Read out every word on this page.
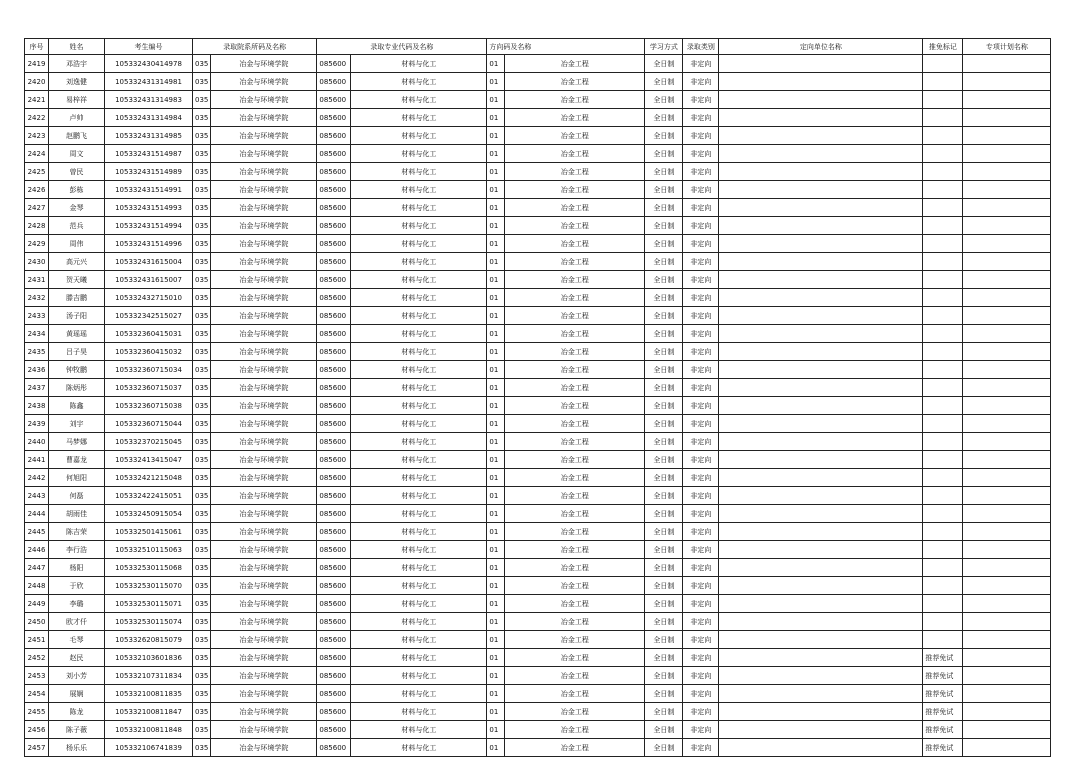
序号	姓名	考生编号	录取院系所码及名称		录取专业代码及名称		方向码及名称		学习方式	录取类别	定向单位名称	推免标记	专项计划名称
2419	邓浩宇	105332430414978	035	冶金与环境学院	085600	材料与化工	01	冶金工程	全日制	非定向			
2420	刘逸健	105332431314981	035	冶金与环境学院	085600	材料与化工	01	冶金工程	全日制	非定向			
2421	易梓祥	105332431314983	035	冶金与环境学院	085600	材料与化工	01	冶金工程	全日制	非定向			
2422	卢帅	105332431314984	035	冶金与环境学院	085600	材料与化工	01	冶金工程	全日制	非定向			
2423	赵鹏飞	105332431314985	035	冶金与环境学院	085600	材料与化工	01	冶金工程	全日制	非定向			
2424	周文	105332431514987	035	冶金与环境学院	085600	材料与化工	01	冶金工程	全日制	非定向			
2425	曾民	105332431514989	035	冶金与环境学院	085600	材料与化工	01	冶金工程	全日制	非定向			
2426	彭栋	105332431514991	035	冶金与环境学院	085600	材料与化工	01	冶金工程	全日制	非定向			
2427	金琴	105332431514993	035	冶金与环境学院	085600	材料与化工	01	冶金工程	全日制	非定向			
2428	范兵	105332431514994	035	冶金与环境学院	085600	材料与化工	01	冶金工程	全日制	非定向			
2429	周伟	105332431514996	035	冶金与环境学院	085600	材料与化工	01	冶金工程	全日制	非定向			
2430	高元兴	105332431615004	035	冶金与环境学院	085600	材料与化工	01	冶金工程	全日制	非定向			
2431	贺天曦	105332431615007	035	冶金与环境学院	085600	材料与化工	01	冶金工程	全日制	非定向			
2432	滕吉鹏	105332432715010	035	冶金与环境学院	085600	材料与化工	01	冶金工程	全日制	非定向			
2433	汤子阳	105332342515027	035	冶金与环境学院	085600	材料与化工	01	冶金工程	全日制	非定向			
2434	黄瑶瑶	105332360415031	035	冶金与环境学院	085600	材料与化工	01	冶金工程	全日制	非定向			
2435	吕子昊	105332360415032	035	冶金与环境学院	085600	材料与化工	01	冶金工程	全日制	非定向			
2436	钟牧鹏	105332360715034	035	冶金与环境学院	085600	材料与化工	01	冶金工程	全日制	非定向			
2437	陈炳彤	105332360715037	035	冶金与环境学院	085600	材料与化工	01	冶金工程	全日制	非定向			
2438	陈鑫	105332360715038	035	冶金与环境学院	085600	材料与化工	01	冶金工程	全日制	非定向			
2439	刘宇	105332360715044	035	冶金与环境学院	085600	材料与化工	01	冶金工程	全日制	非定向			
2440	马梦娜	105332370215045	035	冶金与环境学院	085600	材料与化工	01	冶金工程	全日制	非定向			
2441	曹嘉龙	105332413415047	035	冶金与环境学院	085600	材料与化工	01	冶金工程	全日制	非定向			
2442	何旭阳	105332421215048	035	冶金与环境学院	085600	材料与化工	01	冶金工程	全日制	非定向			
2443	何磊	105332422415051	035	冶金与环境学院	085600	材料与化工	01	冶金工程	全日制	非定向			
2444	胡雨佳	105332450915054	035	冶金与环境学院	085600	材料与化工	01	冶金工程	全日制	非定向			
2445	陈吉荣	105332501415061	035	冶金与环境学院	085600	材料与化工	01	冶金工程	全日制	非定向			
2446	李行浩	105332510115063	035	冶金与环境学院	085600	材料与化工	01	冶金工程	全日制	非定向			
2447	杨阳	105332530115068	035	冶金与环境学院	085600	材料与化工	01	冶金工程	全日制	非定向			
2448	于欣	105332530115070	035	冶金与环境学院	085600	材料与化工	01	冶金工程	全日制	非定向			
2449	李璐	105332530115071	035	冶金与环境学院	085600	材料与化工	01	冶金工程	全日制	非定向			
2450	欧才仟	105332530115074	035	冶金与环境学院	085600	材料与化工	01	冶金工程	全日制	非定向			
2451	毛琴	105332620815079	035	冶金与环境学院	085600	材料与化工	01	冶金工程	全日制	非定向			
2452	赵民	105332103601836	035	冶金与环境学院	085600	材料与化工	01	冶金工程	全日制	非定向		推荐免试	
2453	刘小芳	105332107311834	035	冶金与环境学院	085600	材料与化工	01	冶金工程	全日制	非定向		推荐免试	
2454	展娴	105332100811835	035	冶金与环境学院	085600	材料与化工	01	冶金工程	全日制	非定向		推荐免试	
2455	陈龙	105332100811847	035	冶金与环境学院	085600	材料与化工	01	冶金工程	全日制	非定向		推荐免试	
2456	陈子薇	105332100811848	035	冶金与环境学院	085600	材料与化工	01	冶金工程	全日制	非定向		推荐免试	
2457	杨乐乐	105332106741839	035	冶金与环境学院	085600	材料与化工	01	冶金工程	全日制	非定向		推荐免试	
